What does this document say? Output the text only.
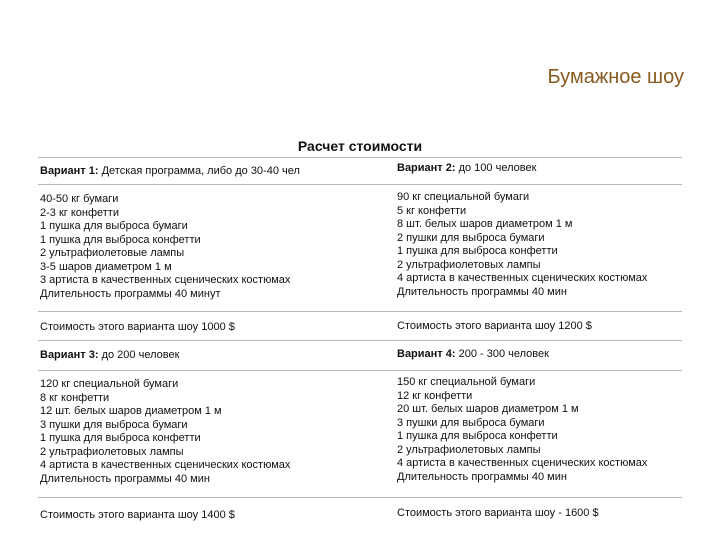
Бумажное шоу
Расчет стоимости
Вариант 1: Детская программа, либо до 30-40 чел
40-50 кг бумаги
2-3 кг конфетти
1 пушка для выброса бумаги
1 пушка для выброса конфетти
2 ультрафиолетовые лампы
3-5 шаров диаметром 1 м
3 артиста в качественных сценических костюмах
Длительность программы 40 минут
Стоимость этого варианта шоу 1000 $
Вариант 2: до 100 человек
90 кг специальной бумаги
5 кг конфетти
8 шт. белых шаров диаметром 1 м
2 пушки для выброса бумаги
1 пушка для выброса конфетти
2 ультрафиолетовых лампы
4 артиста в качественных сценических костюмах
Длительность программы 40 мин
Стоимость этого варианта шоу 1200 $
Вариант 3: до 200 человек
120 кг специальной бумаги
8 кг конфетти
12 шт. белых шаров диаметром 1 м
3 пушки для выброса бумаги
1 пушка для выброса конфетти
2 ультрафиолетовых лампы
4 артиста в качественных сценических костюмах
Длительность программы 40 мин
Стоимость этого варианта шоу 1400 $
Вариант 4: 200 - 300 человек
150 кг специальной бумаги
12 кг конфетти
20 шт. белых шаров диаметром 1 м
3 пушки для выброса бумаги
1 пушка для выброса конфетти
2 ультрафиолетовых лампы
4 артиста в качественных сценических костюмах
Длительность программы 40 мин
Стоимость этого варианта шоу - 1600 $
